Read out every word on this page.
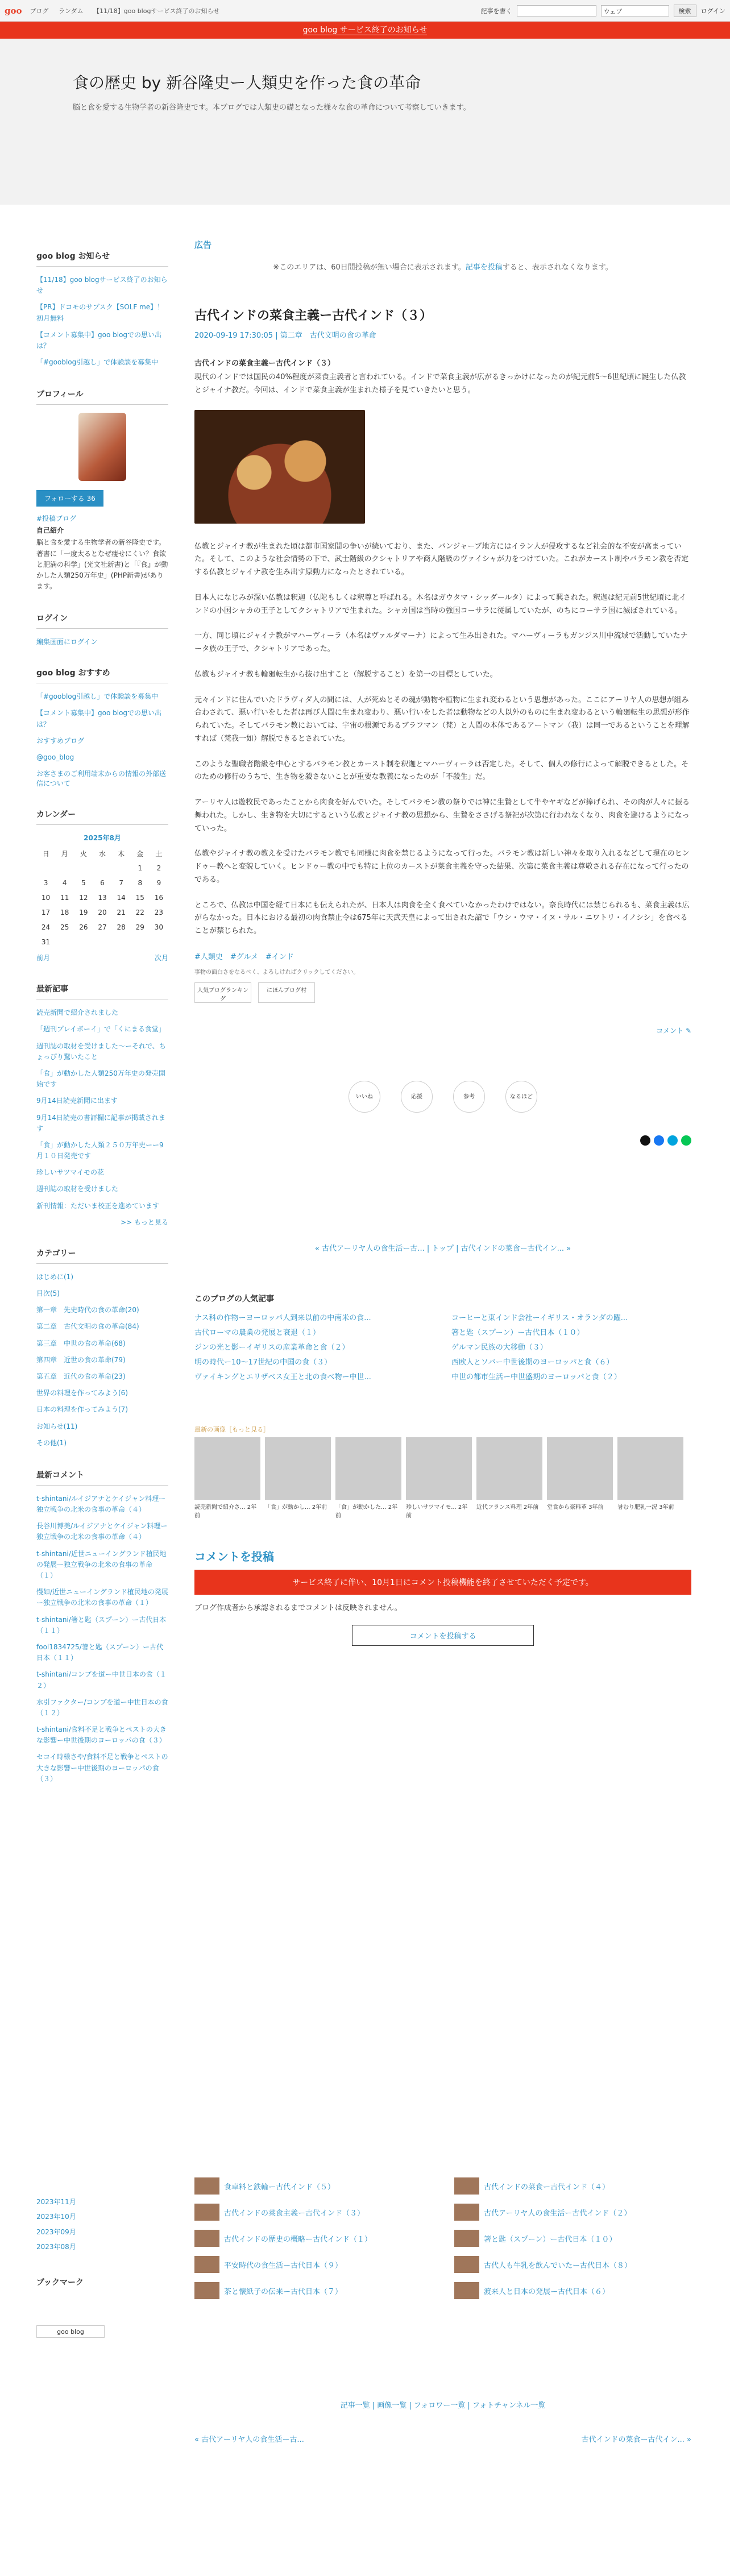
goo ブログ ランダム 【11/18】goo blogサービス終了のお知らせ	記事を書く	ウェブ	検索	ログイン
goo blog サービス終了のお知らせ
食の歴史 by 新谷隆史ー人類史を作った食の革命

脳と食を愛する生物学者の新谷隆史です。本ブログでは人類史の礎となった様々な食の革命について考察していきます。

goo blog お知らせ
【11/18】goo blogサービス終了のお知らせ
【PR】ドコモのサブスク【SOLF me】！ 初月無料
【コメント募集中】goo blogでの思い出は？
「#gooblog引越し」で体験談を募集中
プロフィール
フォローする 36
#投稿ブログ
自己紹介
脳と食を愛する生物学者の新谷隆史です。著書に「一度太るとなぜ痩せにくい？食欲と肥満の科学」(光文社新書)と「『食』が動かした人類250万年史」(PHP新書)があります。
ログイン
編集画面にログイン
goo blog おすすめ
「#gooblog引越し」で体験談を募集中
【コメント募集中】goo blogでの思い出は？
おすすめブログ
@goo_blog
お客さまのご利用端末からの情報の外部送信について
カレンダー
2025年8月
日	月	火	水	木	金	土
					1	2
3	4	5	6	7	8	9
10	11	12	13	14	15	16
17	18	19	20	21	22	23
24	25	26	27	28	29	30
31						
前月	次月
最新記事
読売新聞で紹介されました
「週刊プレイボーイ」で「くにまる食堂」
週刊誌の取材を受けました～ーそれで、ちょっぴり驚いたこと
「食」が動かした人類250万年史の発売開始です
9月14日読売新聞に出ます
9月14日読売の書評欄に記事が掲載されます
「食」が動かした人類２５０万年史ーー9月１０日発売です
珍しいサツマイモの花
週刊誌の取材を受けました
新刊情報：ただいま校正を進めています
>> もっと見る
カテゴリー
はじめに(1)
目次(5)
第一章　先史時代の食の革命(20)
第二章　古代文明の食の革命(84)
第三章　中世の食の革命(68)
第四章　近世の食の革命(79)
第五章　近代の食の革命(23)
世界の料理を作ってみよう(6)
日本の料理を作ってみよう(7)
お知らせ(11)
その他(1)
最新コメント
t-shintani/ルイジアナとケイジャン料理ー独立戦争の北米の食事の革命（４）
長谷川博美/ルイジアナとケイジャン料理ー独立戦争の北米の食事の革命（４）
t-shintani/近世ニューイングランド植民地の発展ー独立戦争の北米の食事の革命（１）
慢如/近世ニューイングランド植民地の発展ー独立戦争の北米の食事の革命（１）
t-shintani/箸と匙（スプーン）ー古代日本（１１）
fool1834725/箸と匙（スプーン）ー古代日本（１１）
t-shintani/コンブを道ー中世日本の食（１２）
水引ファクター/コンブを道ー中世日本の食（１２）
t-shintani/食料不足と戦争とペストの大きな影響ー中世後期のヨーロッパの食（３）
セコイ時様さや/食料不足と戦争とペストの大きな影響ー中世後期のヨーロッパの食（３）
広告
※このエリアは、60日間投稿が無い場合に表示されます。記事を投稿すると、表示されなくなります。
古代インドの菜食主義ー古代インド（３）
2020-09-19 17:30:05 | 第二章　古代文明の食の革命
古代インドの菜食主義ー古代インド（３）

現代のインドでは国民の40%程度が菜食主義者と言われている。インドで菜食主義が広がるきっかけになったのが紀元前5～6世紀頃に誕生した仏教とジャイナ教だ。今回は、インドで菜食主義が生まれた様子を見ていきたいと思う。

仏教とジャイナ教が生まれた頃は都市国家間の争いが続いており、また、バンジャーブ地方にはイラン人が侵攻するなど社会的な不安が高まっていた。そして、このような社会情勢の下で、武士階級のクシャトリアや商人階級のヴァイシャが力をつけていた。これがカースト制やバラモン教を否定する仏教とジャイナ教を生み出す原動力になったとされている。

日本人になじみが深い仏教は釈迦（仏陀もしくは釈尊と呼ばれる。本名はガウタマ・シッダールタ）によって興された。釈迦は紀元前5世紀頃に北インドの小国シャカの王子としてクシャトリアで生まれた。シャカ国は当時の強国コーサラに従属していたが、のちにコーサラ国に滅ぼされている。

一方、同じ頃にジャイナ教がマハーヴィーラ（本名はヴァルダマーナ）によって生み出された。マハーヴィーラもガンジス川中流域で活動していたナータ族の王子で、クシャトリアであった。

仏教もジャイナ教も輪廻転生から抜け出すこと（解脱すること）を第一の目標としていた。

元々インドに住んでいたドラヴィダ人の間には、人が死ぬとその魂が動物や植物に生まれ変わるという思想があった。ここにアーリヤ人の思想が組み合わされて、悪い行いをした者は再び人間に生まれ変わり、悪い行いをした者は動物などの人以外のものに生まれ変わるという輪廻転生の思想が形作られていた。そしてバラモン教においては、宇宙の根源であるブラフマン（梵）と人間の本体であるアートマン（我）は同一であるということを理解すれば（梵我一如）解脱できるとされていた。

このような聖職者階級を中心とするバラモン教とカースト制を釈迦とマハーヴィーラは否定した。そして、個人の修行によって解脱できるとした。そのための修行のうちで、生き物を殺さないことが重要な教義になったのが「不殺生」だ。

アーリヤ人は遊牧民であったことから肉食を好んでいた。そしてバラモン教の祭りでは神に生贄として牛やヤギなどが捧げられ、その肉が人々に振る舞われた。しかし、生き物を大切にするという仏教とジャイナ教の思想から、生贄をささげる祭祀が次第に行われなくなり、肉食を避けるようになっていった。

仏教やジャイナ教の教えを受けたバラモン教でも同様に肉食を禁じるようになって行った。バラモン教は新しい神々を取り入れるなどして現在のヒンドゥー教へと変貌していく。ヒンドゥー教の中でも特に上位のカーストが菜食主義を守った結果、次第に菜食主義は尊敬される存在になって行ったのである。

ところで、仏教は中国を経て日本にも伝えられたが、日本人は肉食を全く食べていなかったわけではない。奈良時代には禁じられるも、菜食主義は広がらなかった。日本における最初の肉食禁止令は675年に天武天皇によって出された詔で「ウシ・ウマ・イヌ・サル・ニワトリ・イノシシ」を食べることが禁じられた。

#人類史　#グルメ　#インド
事物の面白さをなるべく、よろしければクリックしてください。
人気ブログランキング
にほんブログ村
コメント ✎
いいね	応援	参考	なるほど
« 古代アーリヤ人の食生活ー古... | トップ | 古代インドの菜食ー古代イン... »
このブログの人気記事
ナス科の作物ーヨーロッパ人到来以前の中南米の食...	コーヒーと東インド会社ーイギリス・オランダの躍...
古代ローマの農業の発展と衰退（１）	箸と匙（スプーン）ー古代日本（１０）
ジンの光と影ーイギリスの産業革命と食（２）	ゲルマン民族の大移動（３）
明の時代ー10～17世紀の中国の食（３）	西欧人とソバー中世後期のヨーロッパと食（６）
ヴァイキングとエリザベス女王と北の食べ物ー中世...	中世の都市生活ー中世盛期のヨーロッパと食（２）
最新の画像［もっと見る］
読売新聞で紹介さ... 2年前
「食」が動かし... 2年前	「食」が動かした... 2年前
珍しいサツマイモ... 2年前
近代フランス料理 2年前	堂食から豪料革 3年前	暑むり肥乳一況 3年前
コメントを投稿
サービス終了に伴い、10月1日にコメント投稿機能を終了させていただく予定です。
ブログ作成者から承認されるまでコメントは反映されません。
コメントを投稿する
2023年11月
2023年10月
2023年09月
2023年08月
ブックマーク
goo blog
食卓料と鉄輪ー古代インド（５）	古代インドの菜食ー古代インド（４）
古代インドの菜食主義ー古代インド（３）	古代アーリヤ人の食生活ー古代インド（２）
古代インドの歴史の概略ー古代インド（１）	箸と匙（スプーン）ー古代日本（１０）
平安時代の食生活ー古代日本（９）	古代人も牛乳を飲んでいたー古代日本（８）
茶と懐紙子の伝来ー古代日本（７）	渡来人と日本の発展ー古代日本（６）
記事一覧 | 画像一覧 | フォロワー一覧 | フォトチャンネル一覧
« 古代アーリヤ人の食生活ー古...	古代インドの菜食ー古代イン... »
